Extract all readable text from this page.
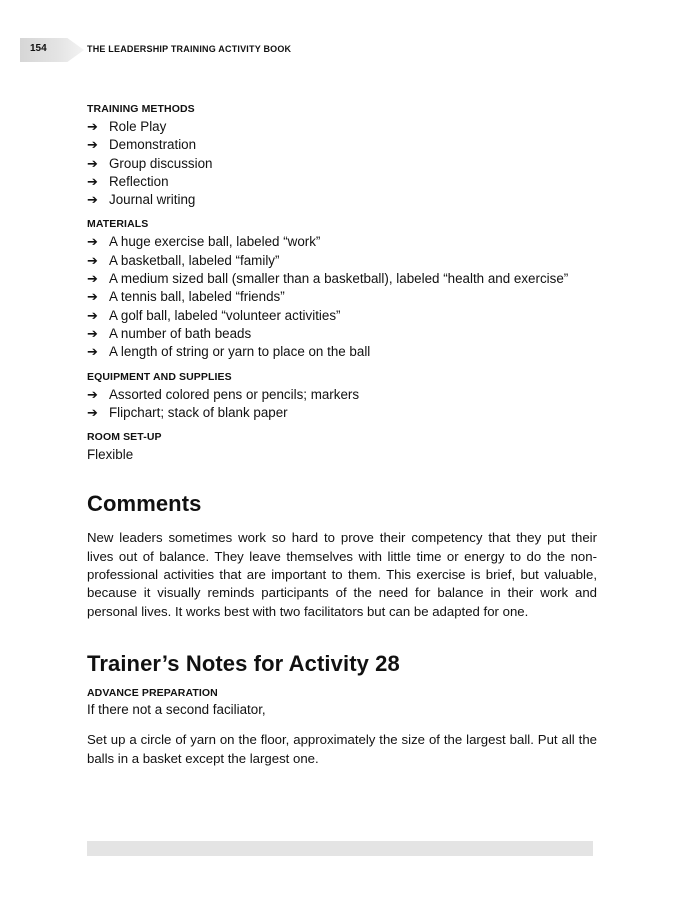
154	THE LEADERSHIP TRAINING ACTIVITY BOOK
TRAINING METHODS
➔ Role Play
➔ Demonstration
➔ Group discussion
➔ Reflection
➔ Journal writing
MATERIALS
➔ A huge exercise ball, labeled “work”
➔ A basketball, labeled “family”
➔ A medium sized ball (smaller than a basketball), labeled “health and exercise”
➔ A tennis ball, labeled “friends”
➔ A golf ball, labeled “volunteer activities”
➔ A number of bath beads
➔ A length of string or yarn to place on the ball
EQUIPMENT AND SUPPLIES
➔ Assorted colored pens or pencils; markers
➔ Flipchart; stack of blank paper
ROOM SET-UP

Flexible

Comments

New leaders sometimes work so hard to prove their competency that they put their lives out of balance. They leave themselves with little time or energy to do the non-professional activities that are important to them. This exercise is brief, but valuable, because it visually reminds participants of the need for balance in their work and personal lives. It works best with two facilitators but can be adapted for one.

Trainer’s Notes for Activity 28
ADVANCE PREPARATION

If there not a second faciliator,

Set up a circle of yarn on the floor, approximately the size of the largest ball. Put all the balls in a basket except the largest one.
